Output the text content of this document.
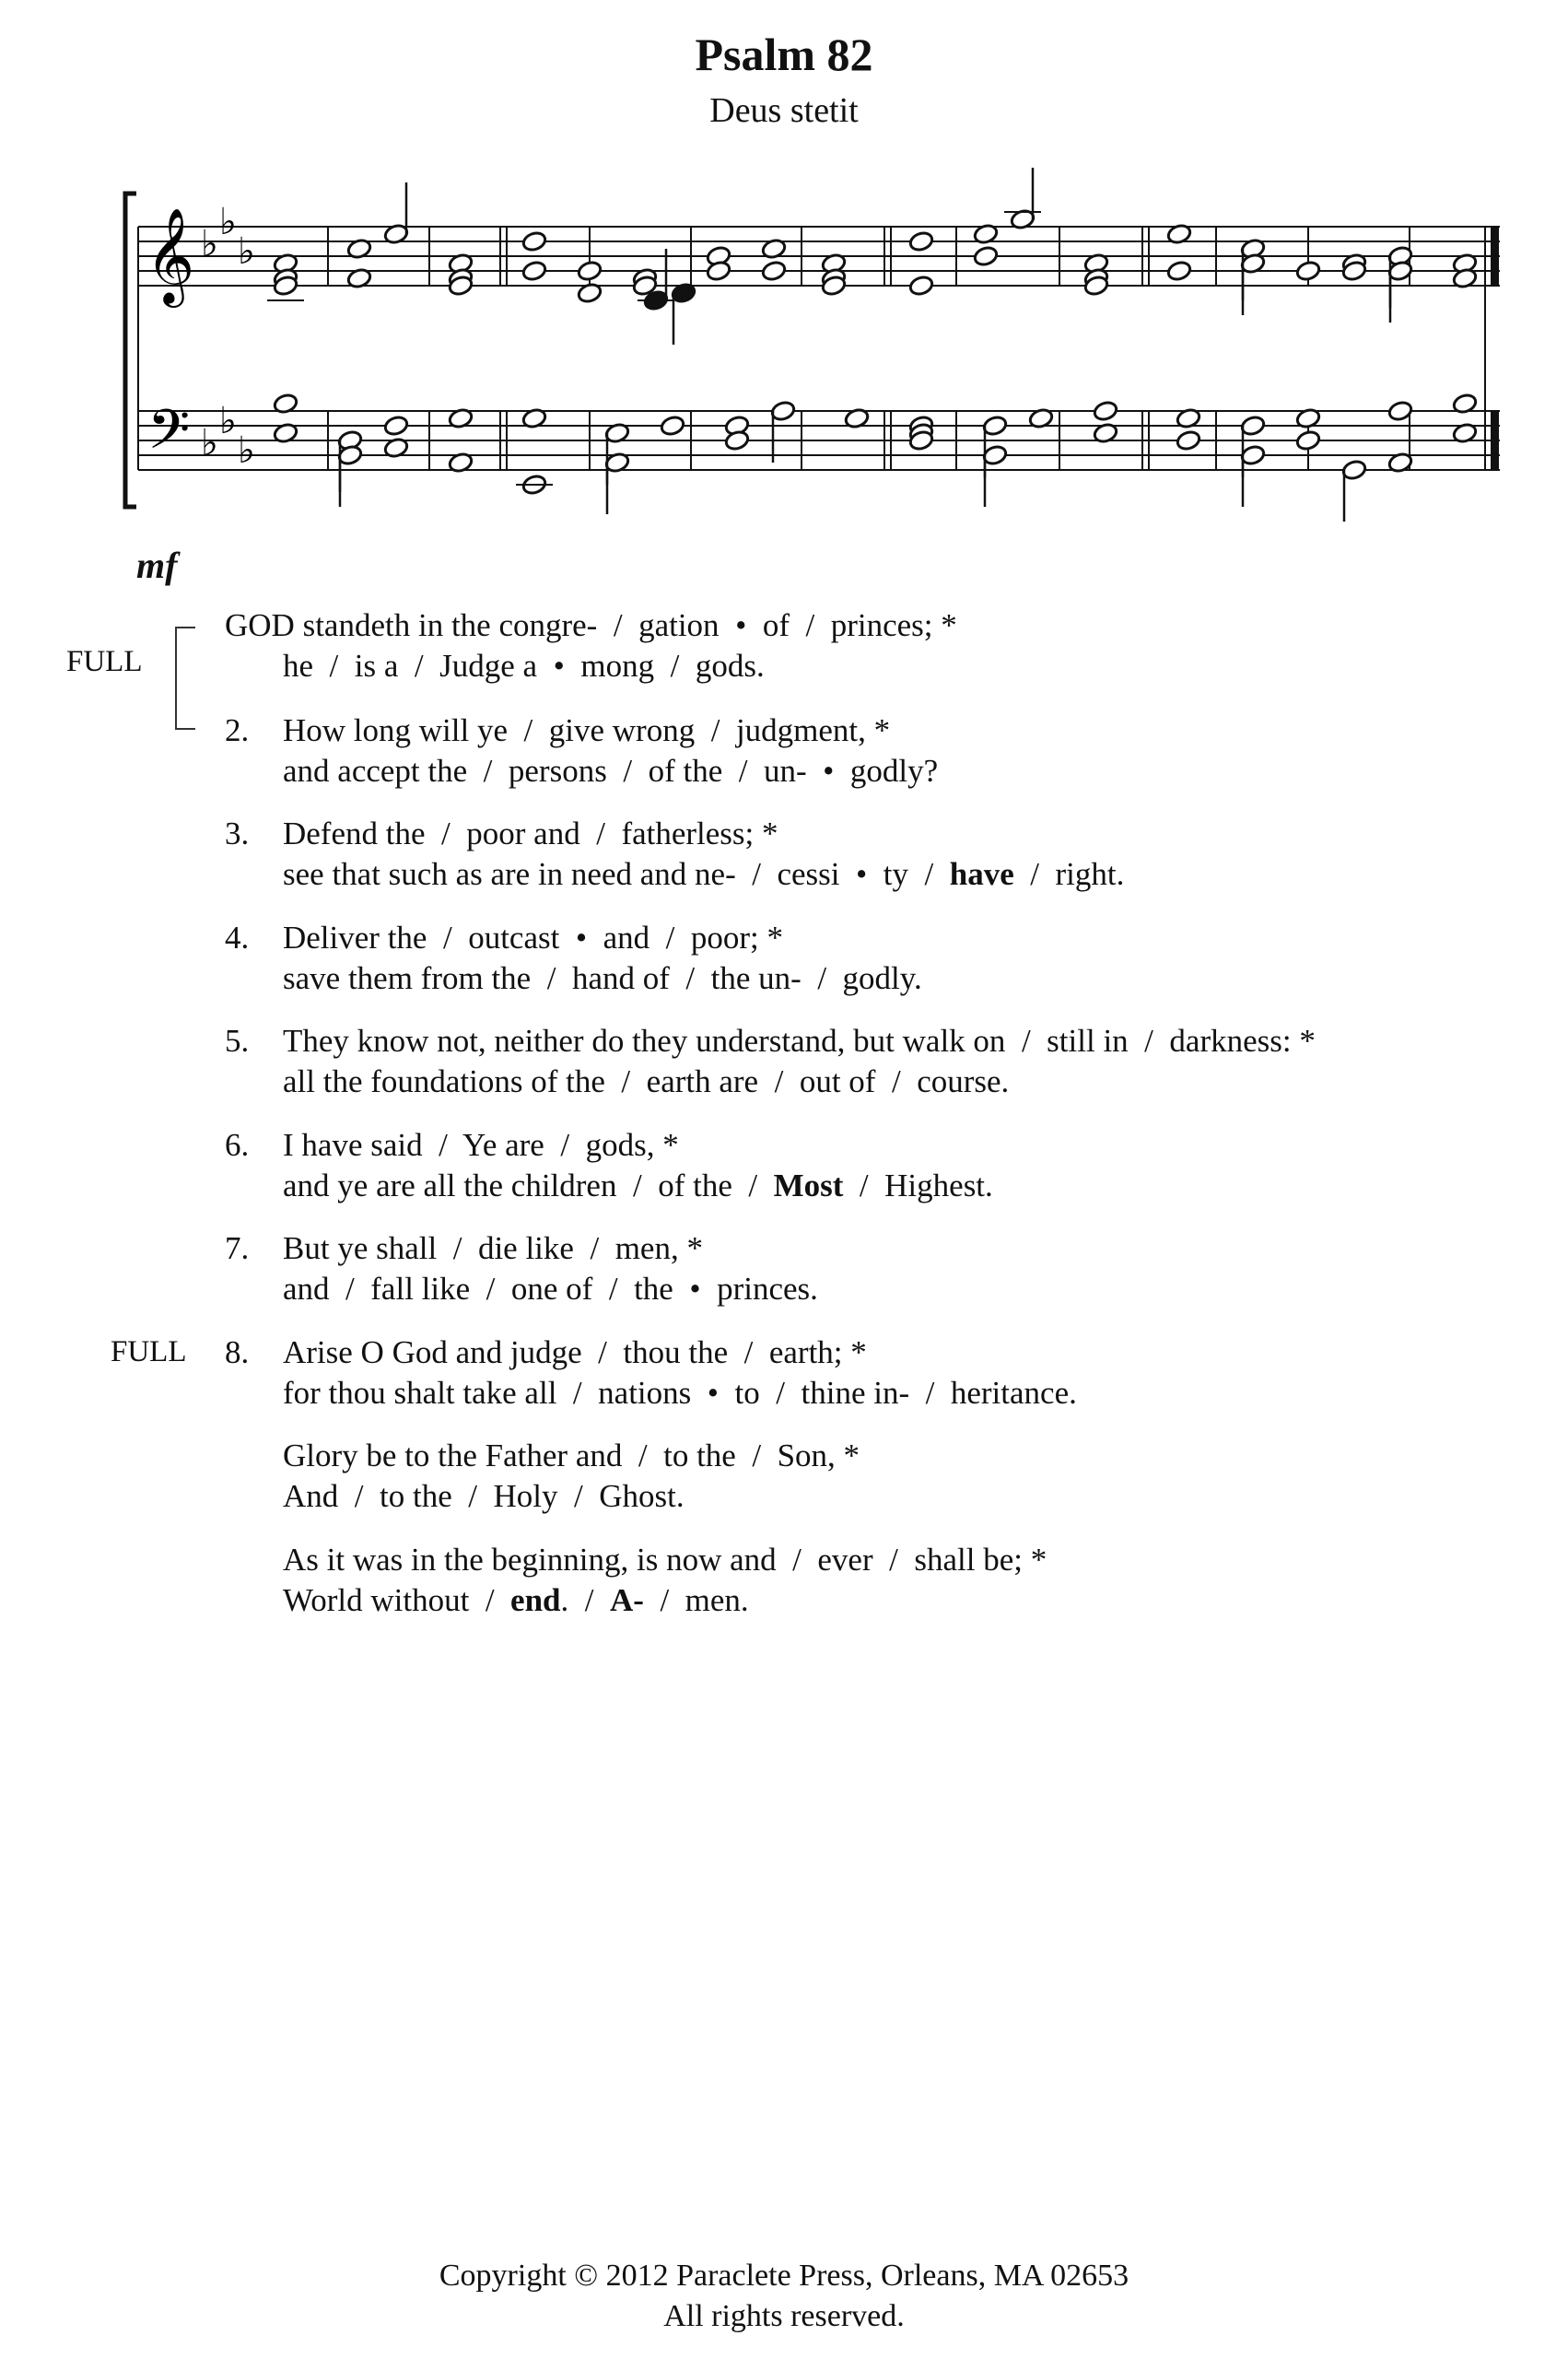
Psalm 82
Deus stetit
𝄞
𝄢
♭
♭
♭
♭
♭
♭
mf
FULL
FULL
GOD standeth in the congre-  /  gation  •  of  /  princes; *
he  /  is a  /  Judge a  •  mong  /  gods.
2. How long will ye  /  give wrong  /  judgment, *
and accept the  /  persons  /  of the  /  un-  •  godly?
3. Defend the  /  poor and  /  fatherless; *
see that such as are in need and ne-  /  cessi  •  ty  /  have  /  right.
4. Deliver the  /  outcast  •  and  /  poor; *
save them from the  /  hand of  /  the un-  /  godly.
5. They know not, neither do they understand, but walk on  /  still in  /  darkness: *
all the foundations of the  /  earth are  /  out of  /  course.
6. I have said  /  Ye are  /  gods, *
and ye are all the children  /  of the  /  Most  /  Highest.
7. But ye shall  /  die like  /  men, *
and  /  fall like  /  one of  /  the  •  princes.
8. Arise O God and judge  /  thou the  /  earth; *
for thou shalt take all  /  nations  •  to  /  thine in-  /  heritance.
Glory be to the Father and  /  to the  /  Son, *
And  /  to the  /  Holy  /  Ghost.
As it was in the beginning, is now and  /  ever  /  shall be; *
World without  /  end.  /  A-  /  men.
Copyright © 2012 Paraclete Press, Orleans, MA 02653
All rights reserved.
